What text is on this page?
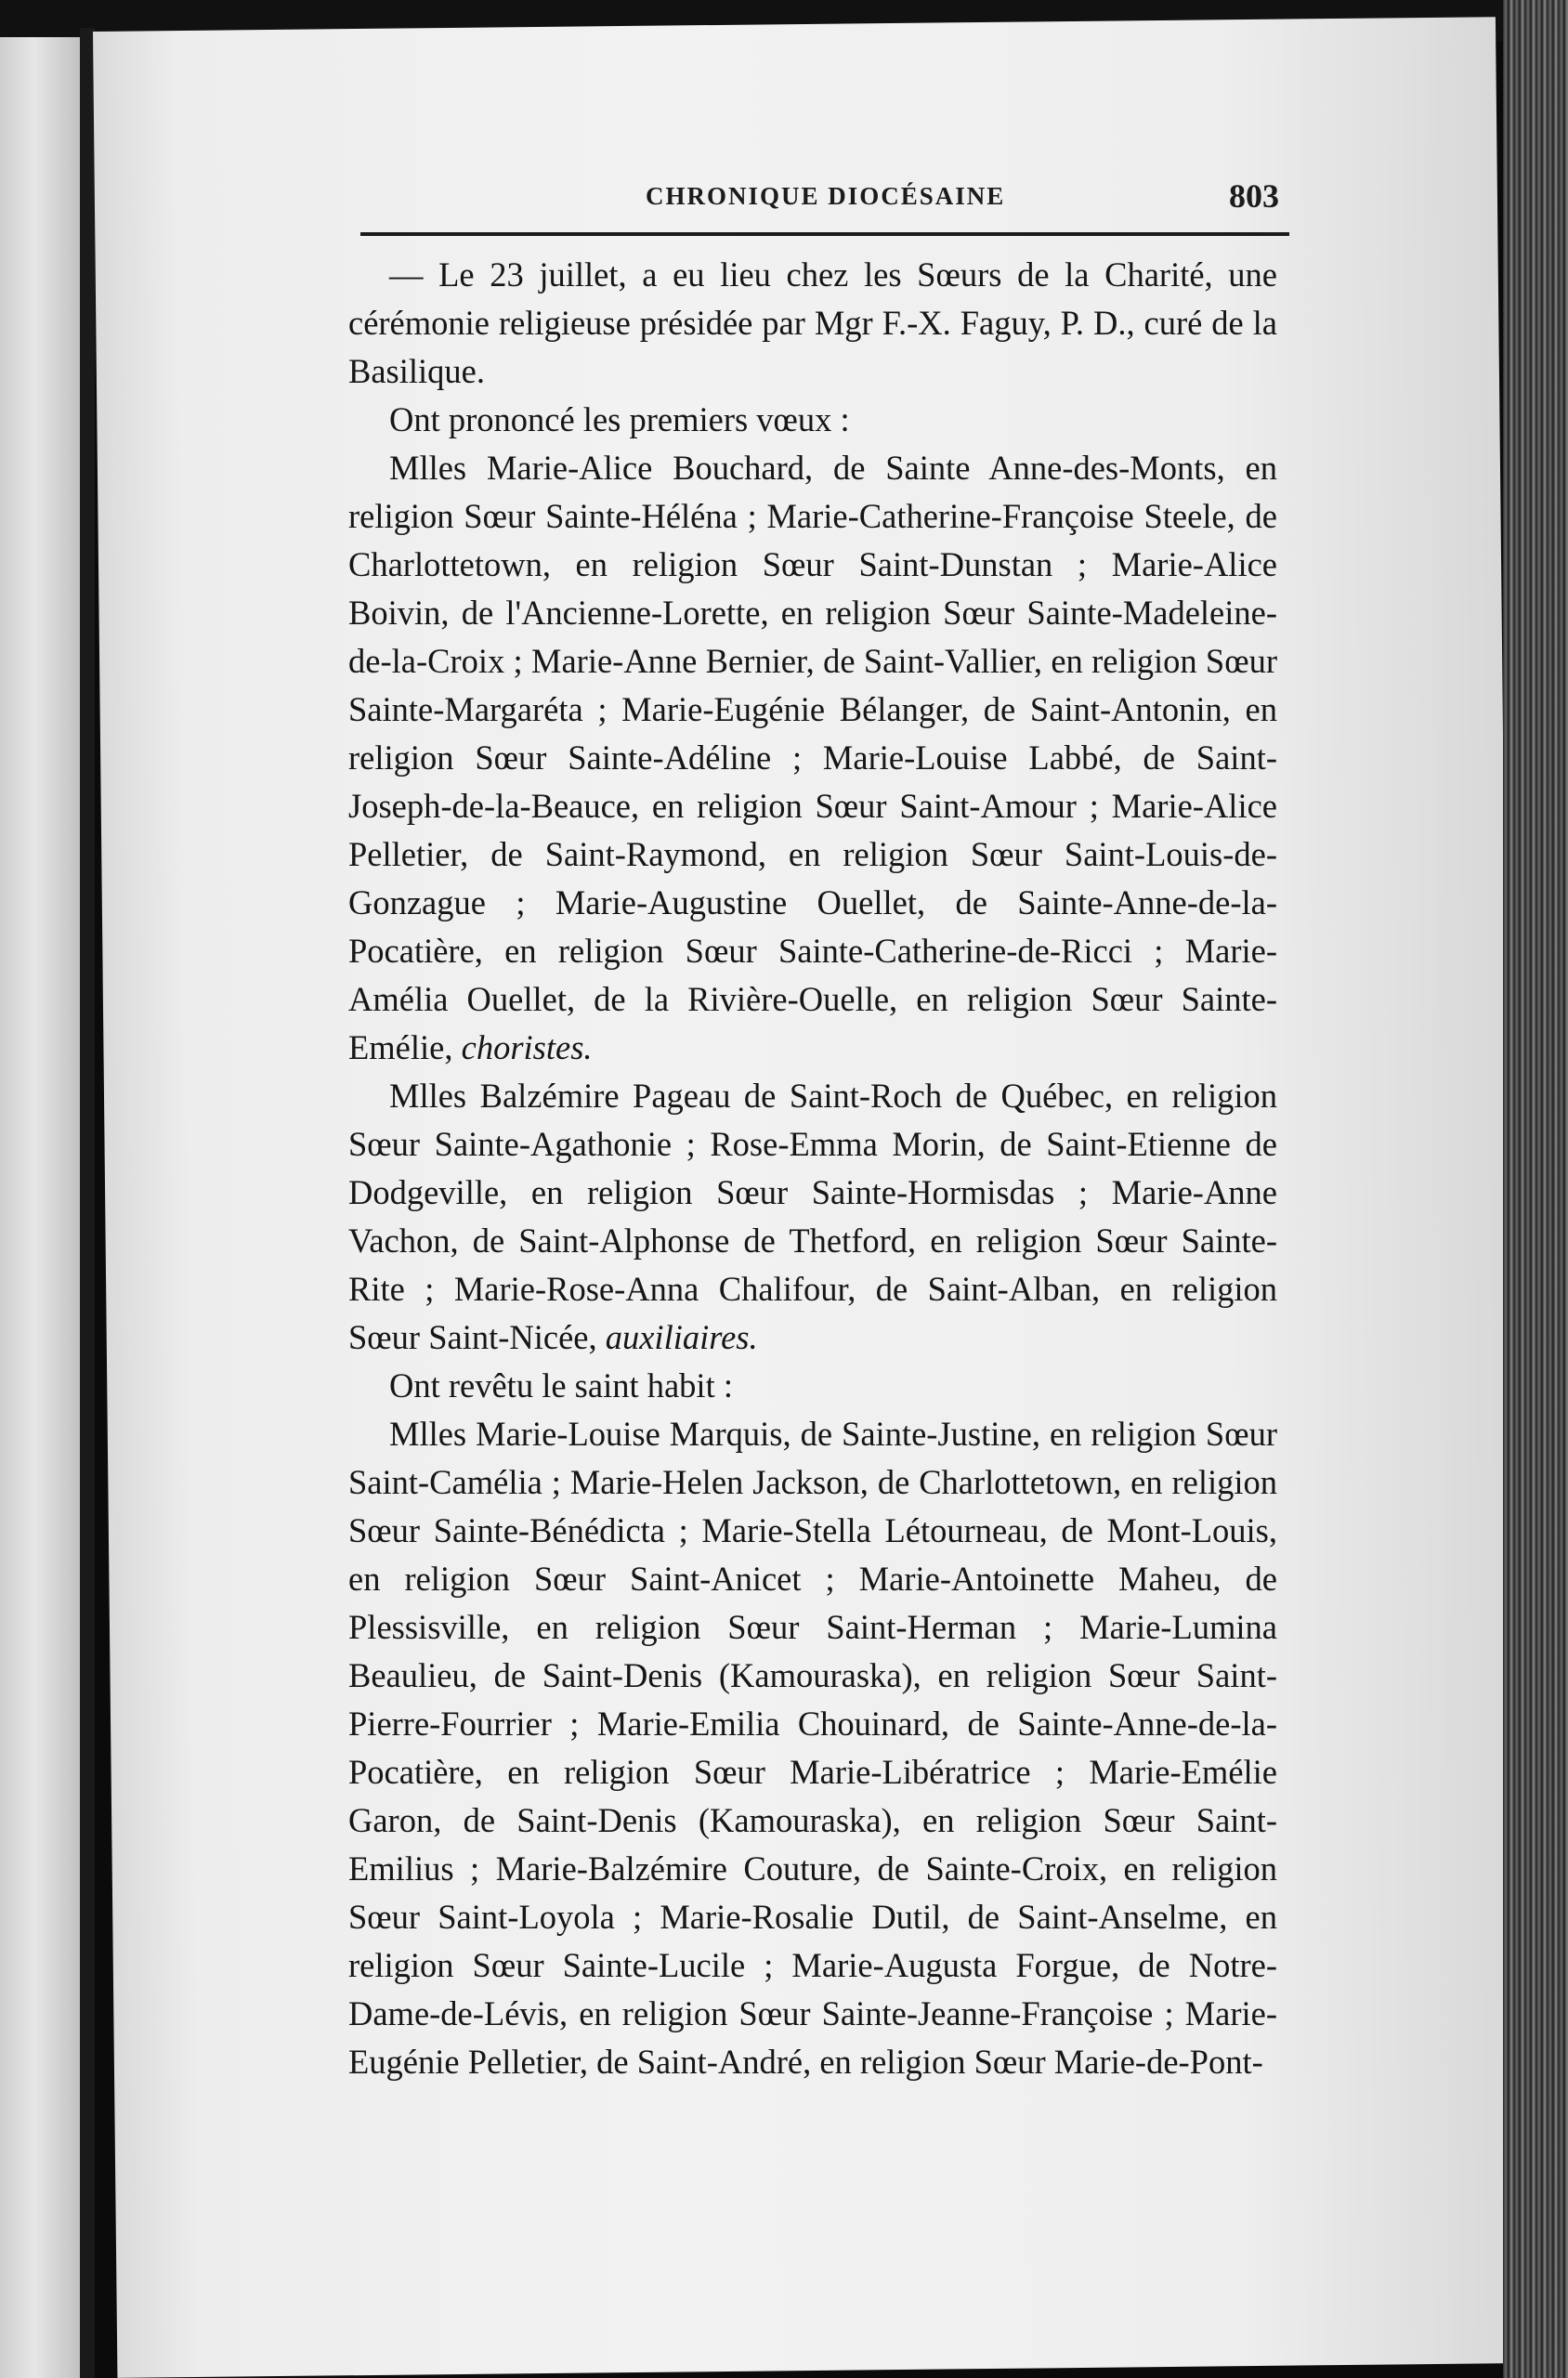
CHRONIQUE DIOCÉSAINE	803

— Le 23 juillet, a eu lieu chez les Sœurs de la Charité, une cérémonie religieuse présidée par Mgr F.-X. Faguy, P. D., curé de la Basilique.

Ont prononcé les premiers vœux :

Mlles Marie-Alice Bouchard, de Sainte Anne-des-Monts, en religion Sœur Sainte-Héléna ; Marie-Catherine-Françoise Steele, de Charlottetown, en religion Sœur Saint-Dunstan ; Marie-Alice Boivin, de l'Ancienne-Lorette, en religion Sœur Sainte-Madeleine-de-la-Croix ; Marie-Anne Bernier, de Saint-Vallier, en religion Sœur Sainte-Margaréta ; Marie-Eugénie Bélanger, de Saint-Antonin, en religion Sœur Sainte-Adéline ; Marie-Louise Labbé, de Saint-Joseph-de-la-Beauce, en religion Sœur Saint-Amour ; Marie-Alice Pelletier, de Saint-Raymond, en religion Sœur Saint-Louis-de-Gonzague ; Marie-Augustine Ouellet, de Sainte-Anne-de-la-Pocatière, en religion Sœur Sainte-Catherine-de-Ricci ; Marie-Amélia Ouellet, de la Rivière-Ouelle, en religion Sœur Sainte-Emélie, choristes.

Mlles Balzémire Pageau de Saint-Roch de Québec, en religion Sœur Sainte-Agathonie ; Rose-Emma Morin, de Saint-Etienne de Dodgeville, en religion Sœur Sainte-Hormisdas ; Marie-Anne Vachon, de Saint-Alphonse de Thetford, en religion Sœur Sainte-Rite ; Marie-Rose-Anna Chalifour, de Saint-Alban, en religion Sœur Saint-Nicée, auxiliaires.

Ont revêtu le saint habit :

Mlles Marie-Louise Marquis, de Sainte-Justine, en religion Sœur Saint-Camélia ; Marie-Helen Jackson, de Charlottetown, en religion Sœur Sainte-Bénédicta ; Marie-Stella Létourneau, de Mont-Louis, en religion Sœur Saint-Anicet ; Marie-Antoinette Maheu, de Plessisville, en religion Sœur Saint-Herman ; Marie-Lumina Beaulieu, de Saint-Denis (Kamouraska), en religion Sœur Saint-Pierre-Fourrier ; Marie-Emilia Chouinard, de Sainte-Anne-de-la-Pocatière, en religion Sœur Marie-Libératrice ; Marie-Emélie Garon, de Saint-Denis (Kamouraska), en religion Sœur Saint-Emilius ; Marie-Balzémire Couture, de Sainte-Croix, en religion Sœur Saint-Loyola ; Marie-Rosalie Dutil, de Saint-Anselme, en religion Sœur Sainte-Lucile ; Marie-Augusta Forgue, de Notre-Dame-de-Lévis, en religion Sœur Sainte-Jeanne-Françoise ; Marie-Eugénie Pelletier, de Saint-André, en religion Sœur Marie-de-Pont-
